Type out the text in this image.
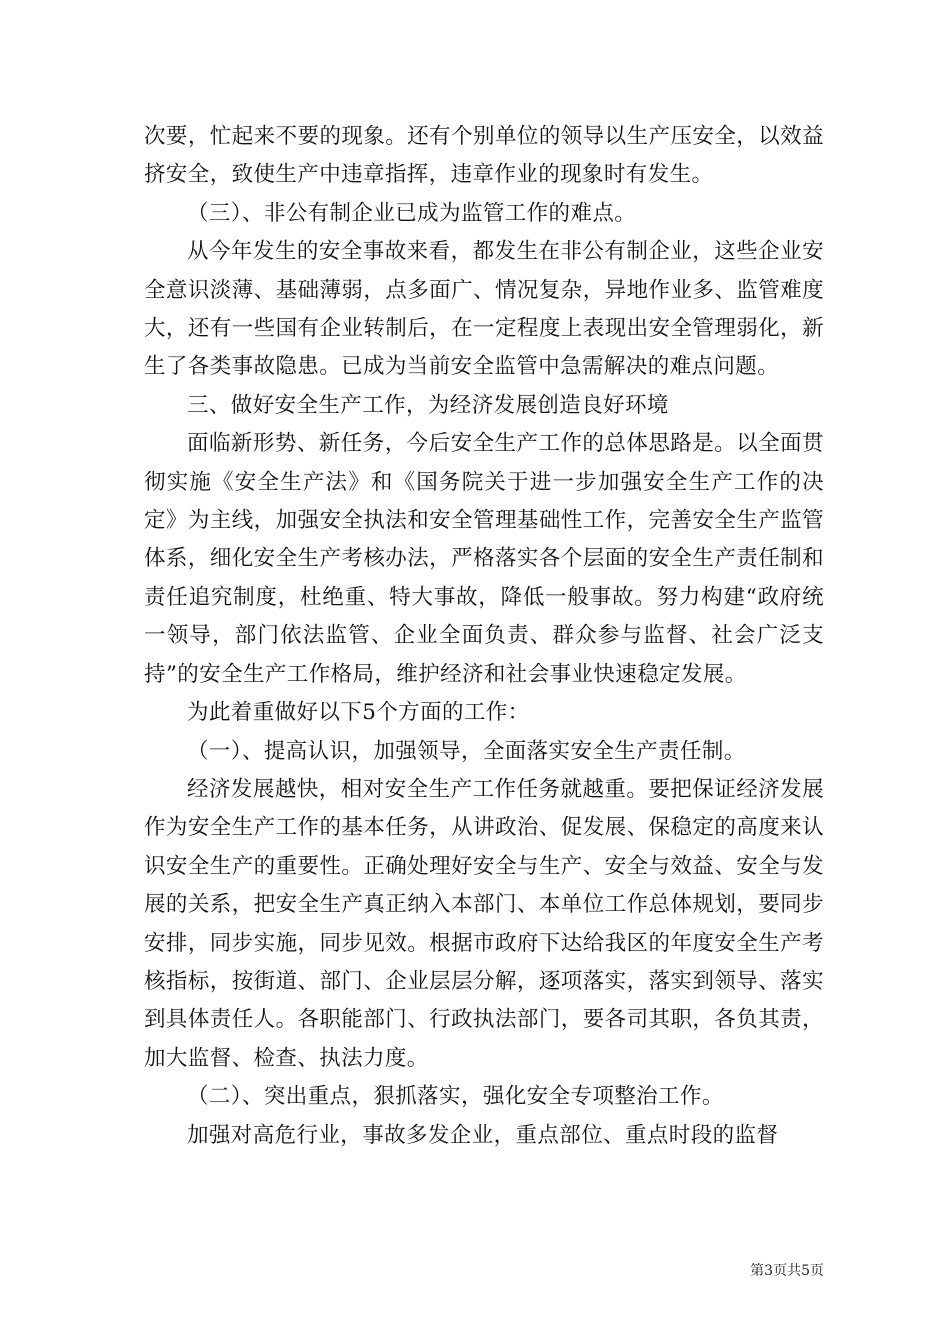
次要，忙起来不要的现象。还有个别单位的领导以生产压安全，以效益挤安全，致使生产中违章指挥，违章作业的现象时有发生。

（三）、非公有制企业已成为监管工作的难点。

从今年发生的安全事故来看，都发生在非公有制企业，这些企业安全意识淡薄、基础薄弱，点多面广、情况复杂，异地作业多、监管难度大，还有一些国有企业转制后，在一定程度上表现出安全管理弱化，新生了各类事故隐患。已成为当前安全监管中急需解决的难点问题。

三、做好安全生产工作，为经济发展创造良好环境

面临新形势、新任务，今后安全生产工作的总体思路是。以全面贯彻实施《安全生产法》和《国务院关于进一步加强安全生产工作的决定》为主线，加强安全执法和安全管理基础性工作，完善安全生产监管体系，细化安全生产考核办法，严格落实各个层面的安全生产责任制和责任追究制度，杜绝重、特大事故，降低一般事故。努力构建“政府统一领导，部门依法监管、企业全面负责、群众参与监督、社会广泛支持”的安全生产工作格局，维护经济和社会事业快速稳定发展。

为此着重做好以下5个方面的工作：

（一）、提高认识，加强领导，全面落实安全生产责任制。

经济发展越快，相对安全生产工作任务就越重。要把保证经济发展作为安全生产工作的基本任务，从讲政治、促发展、保稳定的高度来认识安全生产的重要性。正确处理好安全与生产、安全与效益、安全与发展的关系，把安全生产真正纳入本部门、本单位工作总体规划，要同步安排，同步实施，同步见效。根据市政府下达给我区的年度安全生产考核指标，按街道、部门、企业层层分解，逐项落实，落实到领导、落实到具体责任人。各职能部门、行政执法部门，要各司其职，各负其责，加大监督、检查、执法力度。

（二）、突出重点，狠抓落实，强化安全专项整治工作。

加强对高危行业，事故多发企业，重点部位、重点时段的监督

第3页共5页
